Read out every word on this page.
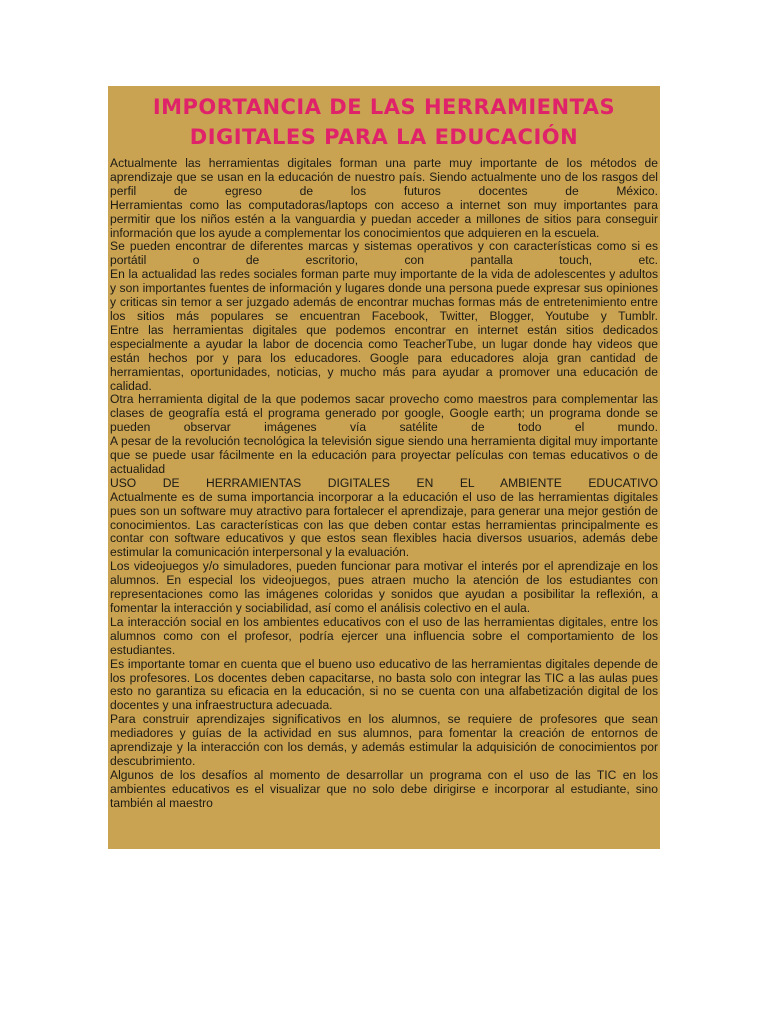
IMPORTANCIA DE LAS HERRAMIENTAS DIGITALES PARA LA EDUCACIÓN

Actualmente las herramientas digitales forman una parte muy importante de los métodos de aprendizaje que se usan en la educación de nuestro país. Siendo actualmente uno de los rasgos del perfil de egreso de los futuros docentes de México.

Herramientas como las computadoras/laptops con acceso a internet son muy importantes para permitir que los niños estén a la vanguardia y puedan acceder a millones de sitios para conseguir información que los ayude a complementar los conocimientos que adquieren en la escuela.

Se pueden encontrar de diferentes marcas y sistemas operativos y con características como si es portátil o de escritorio, con pantalla touch, etc.

En la actualidad las redes sociales forman parte muy importante de la vida de adolescentes y adultos y son importantes fuentes de información y lugares donde una persona puede expresar sus opiniones y criticas sin temor a ser juzgado además de encontrar muchas formas más de entretenimiento entre los sitios más populares se encuentran Facebook, Twitter, Blogger, Youtube y Tumblr.

Entre las herramientas digitales que podemos encontrar en internet están sitios dedicados especialmente a ayudar la labor de docencia como TeacherTube, un lugar donde hay videos que están hechos por y para los educadores. Google para educadores aloja gran cantidad de herramientas, oportunidades, noticias, y mucho más para ayudar a promover una educación de calidad.

Otra herramienta digital de la que podemos sacar provecho como maestros para complementar las clases de geografía está el programa generado por google, Google earth; un programa donde se pueden observar imágenes vía satélite de todo el mundo.

A pesar de la revolución tecnológica la televisión sigue siendo una herramienta digital muy importante que se puede usar fácilmente en la educación para proyectar películas con temas educativos o de actualidad

USO DE HERRAMIENTAS DIGITALES EN EL AMBIENTE EDUCATIVO

Actualmente es de suma importancia incorporar a la educación el uso de las herramientas digitales pues son un software muy atractivo para fortalecer el aprendizaje, para generar una mejor gestión de conocimientos. Las características con las que deben contar estas herramientas principalmente es contar con software educativos y que estos sean flexibles hacia diversos usuarios, además debe estimular la comunicación interpersonal y la evaluación.

Los videojuegos y/o simuladores, pueden funcionar para motivar el interés por el aprendizaje en los alumnos. En especial los videojuegos, pues atraen mucho la atención de los estudiantes con representaciones como las imágenes coloridas y sonidos que ayudan a posibilitar la reflexión, a fomentar la interacción y sociabilidad, así como el análisis colectivo en el aula.

La interacción social en los ambientes educativos con el uso de las herramientas digitales, entre los alumnos como con el profesor, podría ejercer una influencia sobre el comportamiento de los estudiantes.

Es importante tomar en cuenta que el bueno uso educativo de las herramientas digitales depende de los profesores. Los docentes deben capacitarse, no basta solo con integrar las TIC a las aulas pues esto no garantiza su eficacia en la educación, si no se cuenta con una alfabetización digital de los docentes y una infraestructura adecuada.

Para construir aprendizajes significativos en los alumnos, se requiere de profesores que sean mediadores y guías de la actividad en sus alumnos, para fomentar la creación de entornos de aprendizaje y la interacción con los demás, y además estimular la adquisición de conocimientos por descubrimiento.

Algunos de los desafíos al momento de desarrollar un programa con el uso de las TIC en los ambientes educativos es el visualizar que no solo debe dirigirse e incorporar al estudiante, sino también al maestro
